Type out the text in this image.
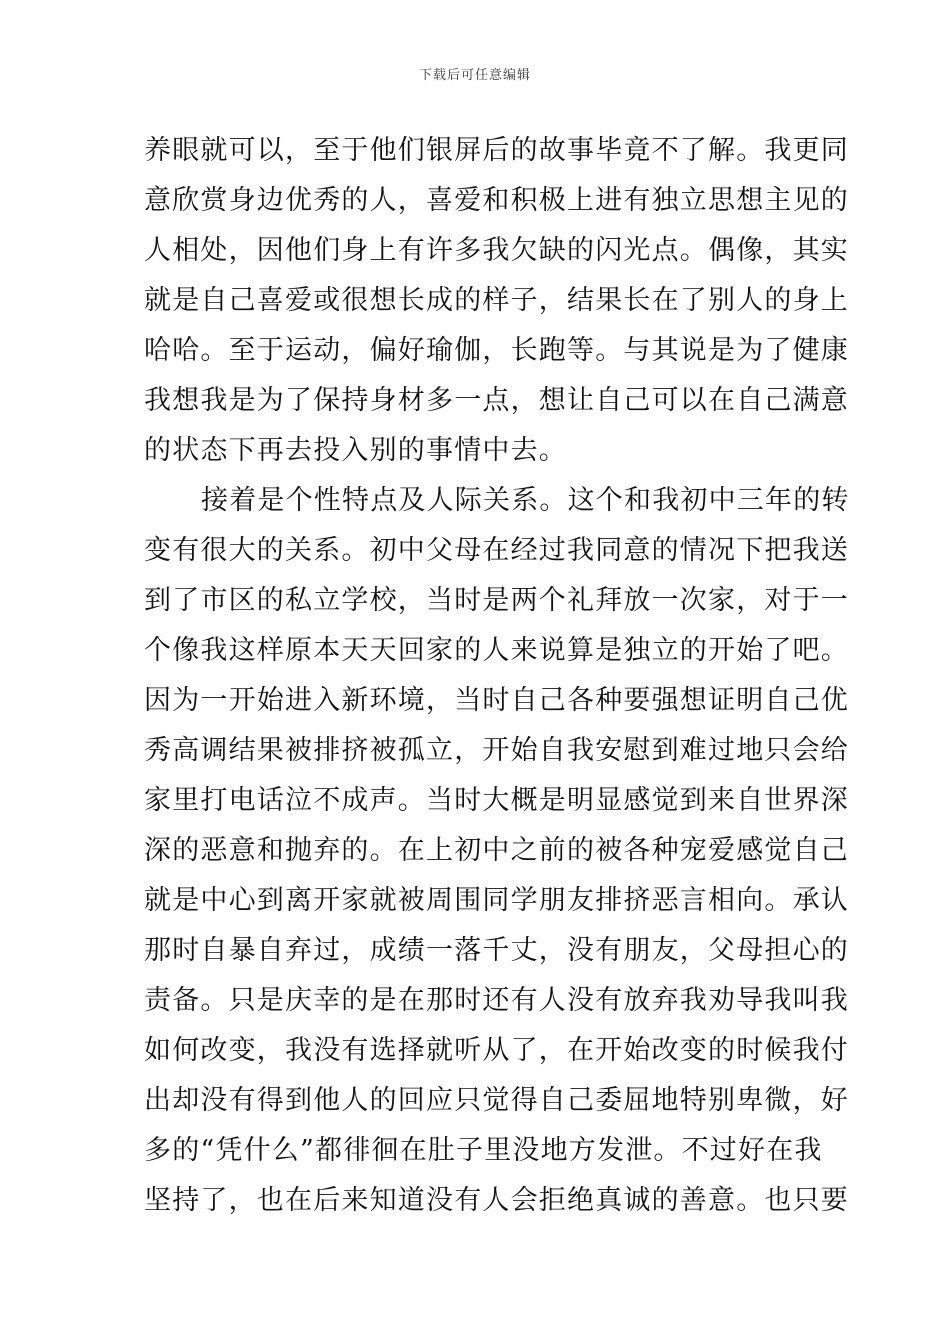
下载后可任意编辑
养眼就可以，至于他们银屏后的故事毕竟不了解。我更同
意欣赏身边优秀的人，喜爱和积极上进有独立思想主见的
人相处，因他们身上有许多我欠缺的闪光点。偶像，其实
就是自己喜爱或很想长成的样子，结果长在了别人的身上
哈哈。至于运动，偏好瑜伽，长跑等。与其说是为了健康
我想我是为了保持身材多一点，想让自己可以在自己满意
的状态下再去投入别的事情中去。
接着是个性特点及人际关系。这个和我初中三年的转
变有很大的关系。初中父母在经过我同意的情况下把我送
到了市区的私立学校，当时是两个礼拜放一次家，对于一
个像我这样原本天天回家的人来说算是独立的开始了吧。
因为一开始进入新环境，当时自己各种要强想证明自己优
秀高调结果被排挤被孤立，开始自我安慰到难过地只会给
家里打电话泣不成声。当时大概是明显感觉到来自世界深
深的恶意和抛弃的。在上初中之前的被各种宠爱感觉自己
就是中心到离开家就被周围同学朋友排挤恶言相向。承认
那时自暴自弃过，成绩一落千丈，没有朋友，父母担心的
责备。只是庆幸的是在那时还有人没有放弃我劝导我叫我
如何改变，我没有选择就听从了，在开始改变的时候我付
出却没有得到他人的回应只觉得自己委屈地特别卑微，好
多的“凭什么”都徘徊在肚子里没地方发泄。不过好在我
坚持了，也在后来知道没有人会拒绝真诚的善意。也只要
